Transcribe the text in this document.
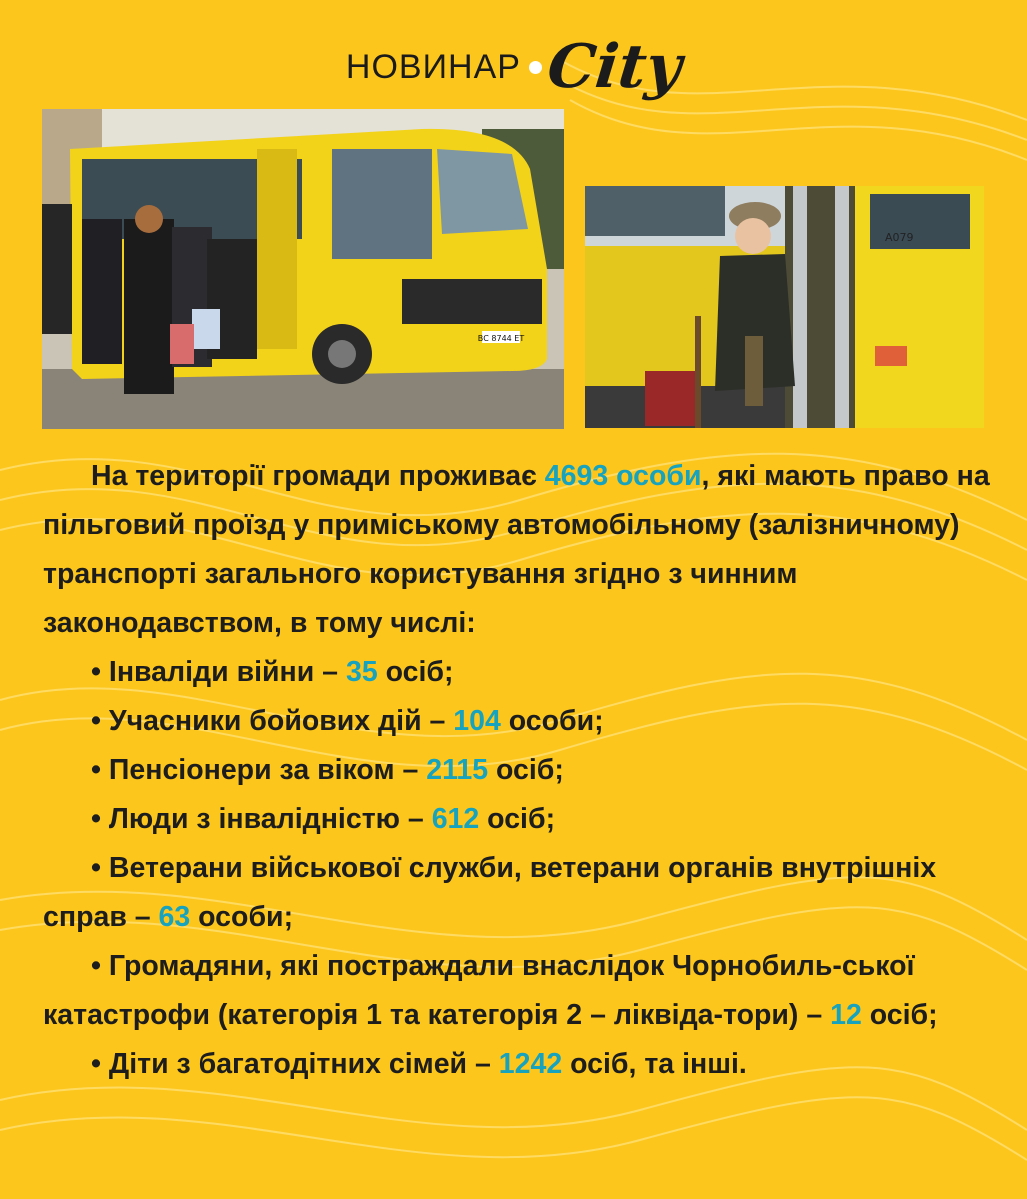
НОВИНАР City
ВС 8744 ЕТ
А079

На території громади проживає 4693 особи, які мають право на пільговий проїзд у приміському автомобільному (залізничному) транспорті загального користування згідно з чинним законодавством, в тому числі:

• Інваліди війни – 35 осіб;

• Учасники бойових дій – 104 особи;

• Пенсіонери за віком – 2115 осіб;

• Люди з інвалідністю – 612 осіб;

• Ветерани військової служби, ветерани органів внутрішніх справ – 63 особи;

• Громадяни, які постраждали внаслідок Чорнобиль-ської катастрофи (категорія 1 та категорія 2 – ліквіда-тори) – 12 осіб;

• Діти з багатодітних сімей – 1242 осіб, та інші.
